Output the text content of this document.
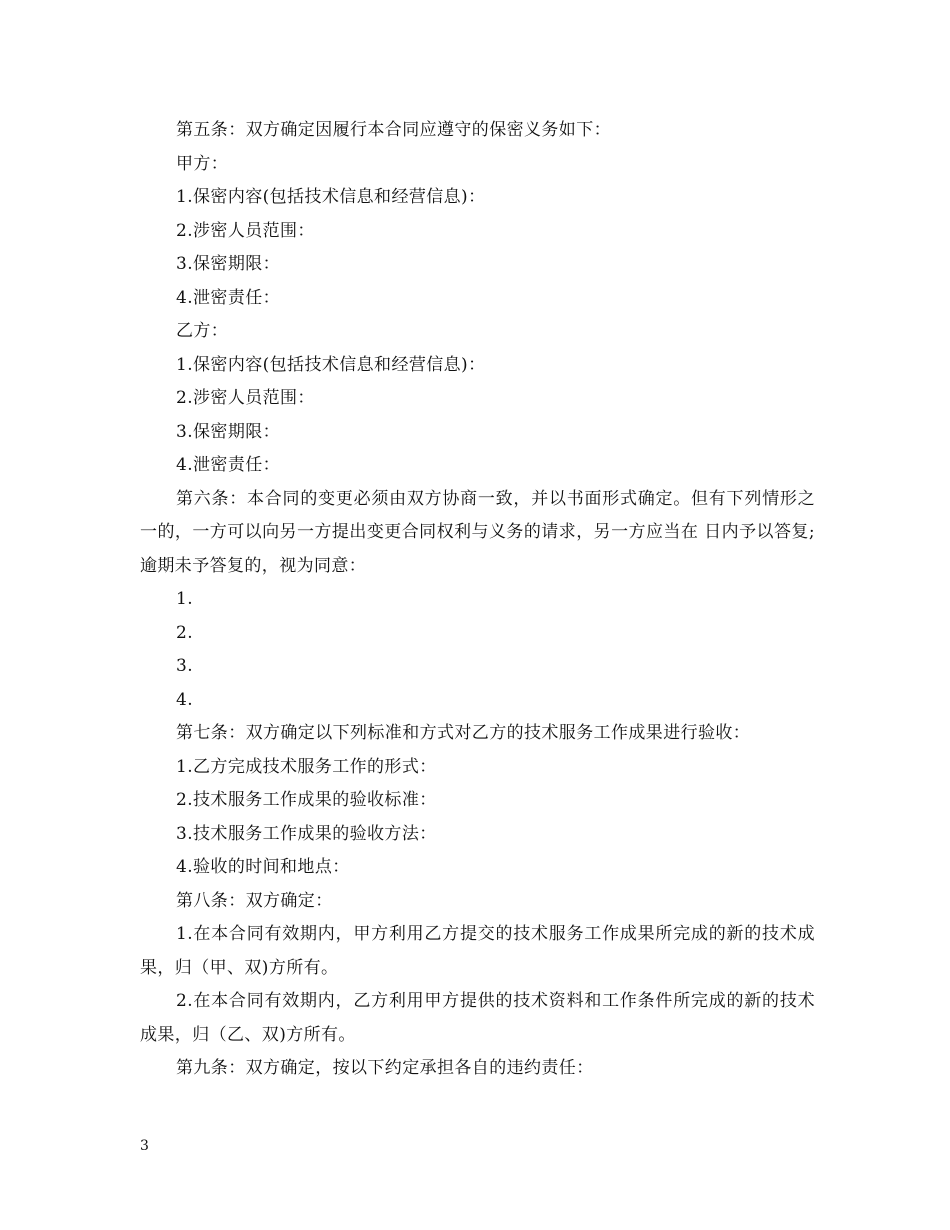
第五条：双方确定因履行本合同应遵守的保密义务如下：
甲方：
1.保密内容(包括技术信息和经营信息)：
2.涉密人员范围：
3.保密期限：
4.泄密责任：
乙方：
1.保密内容(包括技术信息和经营信息)：
2.涉密人员范围：
3.保密期限：
4.泄密责任：

第六条：本合同的变更必须由双方协商一致，并以书面形式确定。但有下列情形之一的，一方可以向另一方提出变更合同权利与义务的请求，另一方应当在 日内予以答复;逾期未予答复的，视为同意：

1.
2.
3.
4.
第七条：双方确定以下列标准和方式对乙方的技术服务工作成果进行验收：
1.乙方完成技术服务工作的形式：
2.技术服务工作成果的验收标准：
3.技术服务工作成果的验收方法：
4.验收的时间和地点：
第八条：双方确定：

1.在本合同有效期内，甲方利用乙方提交的技术服务工作成果所完成的新的技术成果，归（甲、双)方所有。

2.在本合同有效期内，乙方利用甲方提供的技术资料和工作条件所完成的新的技术成果，归（乙、双)方所有。

第九条：双方确定，按以下约定承担各自的违约责任：
3
